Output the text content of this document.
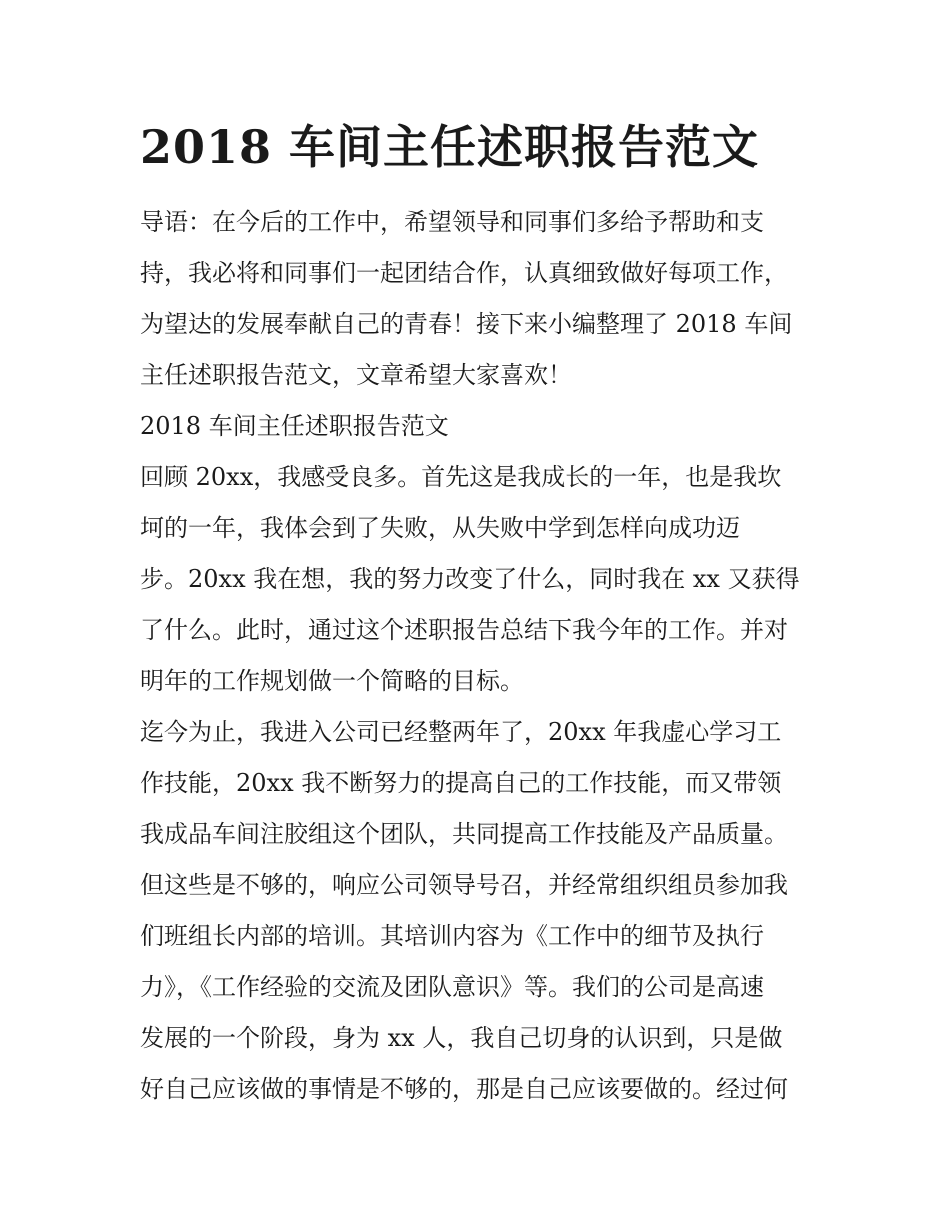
2018 车间主任述职报告范文

导语：在今后的工作中，希望领导和同事们多给予帮助和支

持，我必将和同事们一起团结合作，认真细致做好每项工作，

为望达的发展奉献自己的青春！接下来小编整理了 2018 车间

主任述职报告范文，文章希望大家喜欢！

2018 车间主任述职报告范文

回顾 20xx，我感受良多。首先这是我成长的一年，也是我坎

坷的一年，我体会到了失败，从失败中学到怎样向成功迈

步。20xx 我在想，我的努力改变了什么，同时我在 xx 又获得

了什么。此时，通过这个述职报告总结下我今年的工作。并对

明年的工作规划做一个简略的目标。

迄今为止，我进入公司已经整两年了，20xx 年我虚心学习工

作技能，20xx 我不断努力的提高自己的工作技能，而又带领

我成品车间注胶组这个团队，共同提高工作技能及产品质量。

但这些是不够的，响应公司领导号召，并经常组织组员参加我

们班组长内部的培训。其培训内容为《工作中的细节及执行

力》，《工作经验的交流及团队意识》等。我们的公司是高速

发展的一个阶段，身为 xx 人，我自己切身的认识到，只是做

好自己应该做的事情是不够的，那是自己应该要做的。经过何
